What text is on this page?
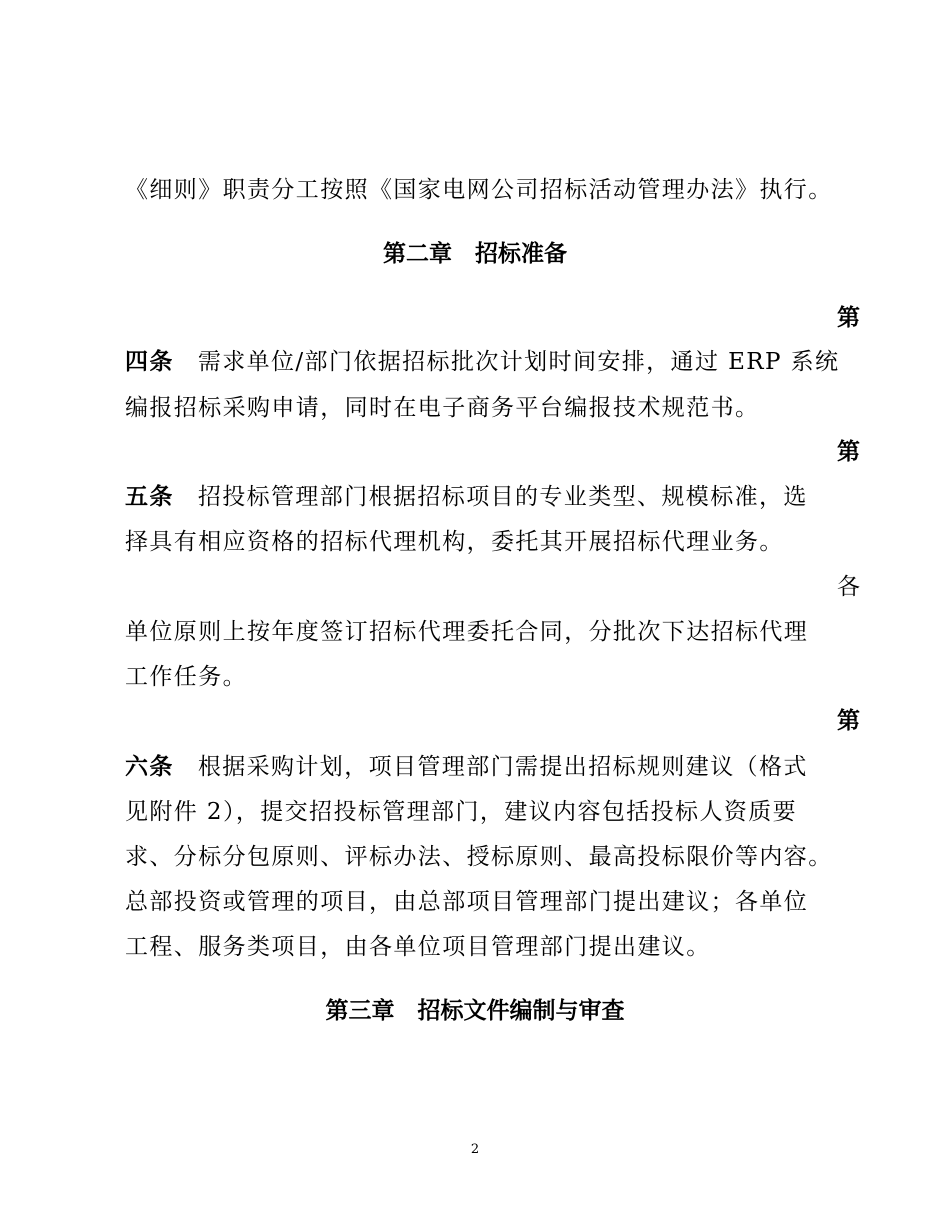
《细则》职责分工按照《国家电网公司招标活动管理办法》执行。
第二章　招标准备
第
四条 需求单位/部门依据招标批次计划时间安排，通过 ERP 系统
编报招标采购申请，同时在电子商务平台编报技术规范书。
第
五条 招投标管理部门根据招标项目的专业类型、规模标准，选
择具有相应资格的招标代理机构，委托其开展招标代理业务。
各
单位原则上按年度签订招标代理委托合同，分批次下达招标代理
工作任务。
第
六条 根据采购计划，项目管理部门需提出招标规则建议（格式
见附件 2），提交招投标管理部门，建议内容包括投标人资质要
求、分标分包原则、评标办法、授标原则、最高投标限价等内容。
总部投资或管理的项目，由总部项目管理部门提出建议；各单位
工程、服务类项目，由各单位项目管理部门提出建议。
第三章　招标文件编制与审查
2
